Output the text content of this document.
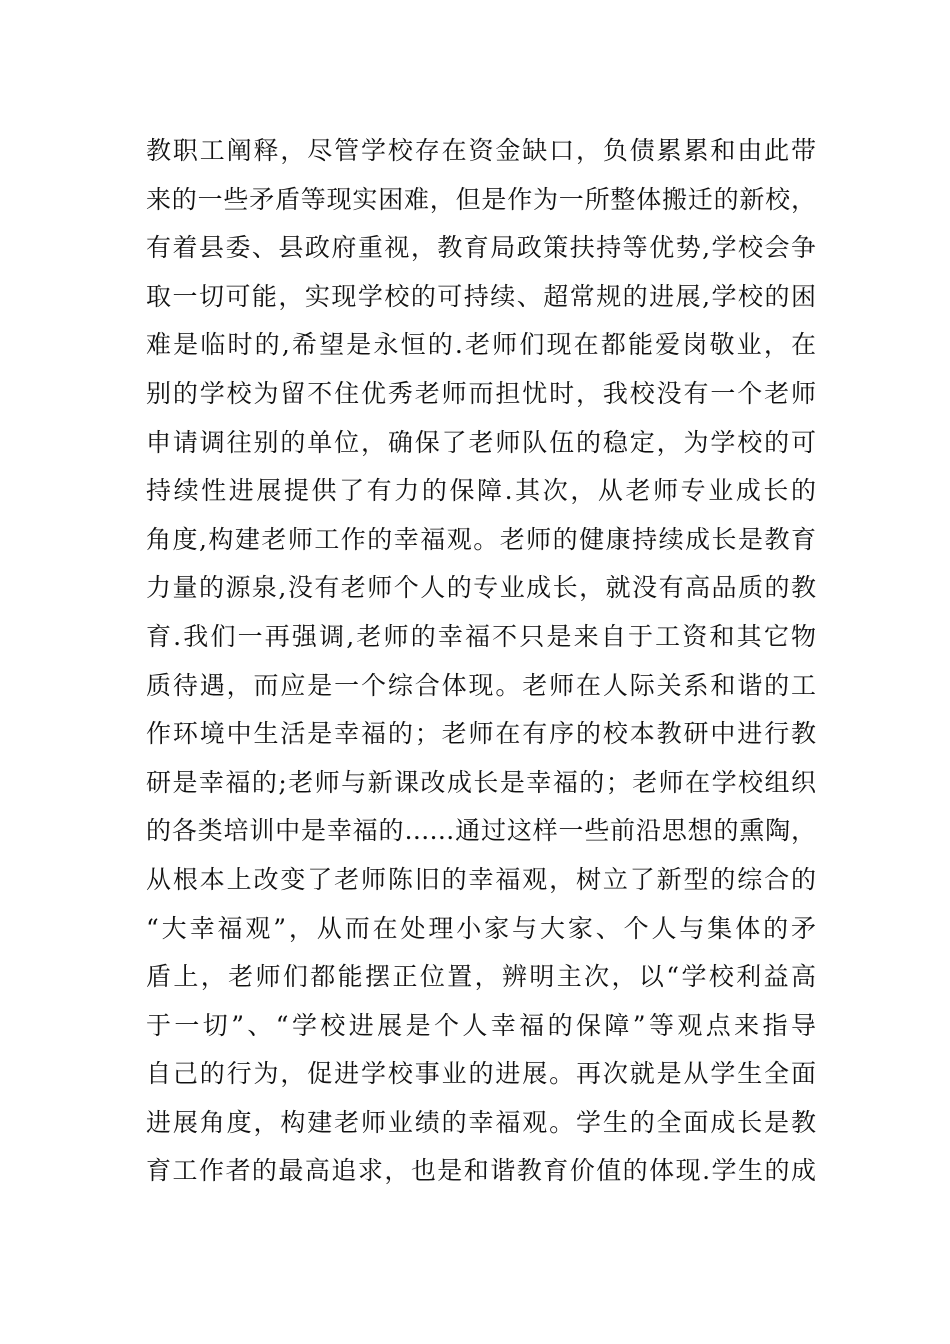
教职工阐释，尽管学校存在资金缺口，负债累累和由此带
来的一些矛盾等现实困难，但是作为一所整体搬迁的新校，
有着县委、县政府重视，教育局政策扶持等优势,学校会争
取一切可能，实现学校的可持续、超常规的进展,学校的困
难是临时的,希望是永恒的.老师们现在都能爱岗敬业，在
别的学校为留不住优秀老师而担忧时，我校没有一个老师
申请调往别的单位，确保了老师队伍的稳定，为学校的可
持续性进展提供了有力的保障.其次，从老师专业成长的
角度,构建老师工作的幸福观。老师的健康持续成长是教育
力量的源泉,没有老师个人的专业成长，就没有高品质的教
育.我们一再强调,老师的幸福不只是来自于工资和其它物
质待遇，而应是一个综合体现。老师在人际关系和谐的工
作环境中生活是幸福的；老师在有序的校本教研中进行教
研是幸福的;老师与新课改成长是幸福的；老师在学校组织
的各类培训中是幸福的……通过这样一些前沿思想的熏陶，
从根本上改变了老师陈旧的幸福观，树立了新型的综合的
“大幸福观”，从而在处理小家与大家、个人与集体的矛
盾上，老师们都能摆正位置，辨明主次，以“学校利益高
于一切”、“学校进展是个人幸福的保障”等观点来指导
自己的行为，促进学校事业的进展。再次就是从学生全面
进展角度，构建老师业绩的幸福观。学生的全面成长是教
育工作者的最高追求，也是和谐教育价值的体现.学生的成
